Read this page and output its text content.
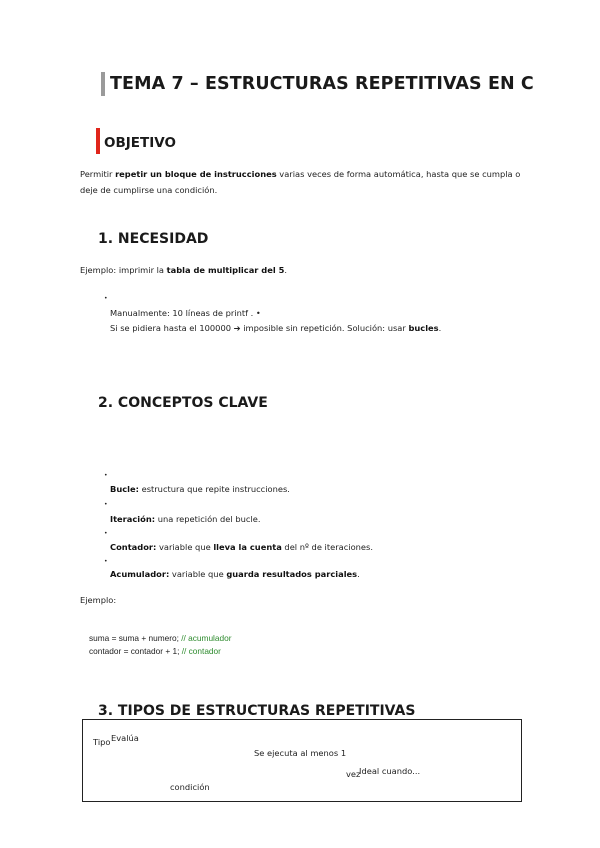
TEMA 7 – ESTRUCTURAS REPETITIVAS EN C
OBJETIVO
Permitir repetir un bloque de instrucciones varias veces de forma automática, hasta que se cumpla o
deje de cumplirse una condición.
1. NECESIDAD
Ejemplo: imprimir la tabla de multiplicar del 5.
•
Manualmente: 10 líneas de printf . •
Si se pidiera hasta el 100000 ➔ imposible sin repetición. Solución: usar bucles.
2. CONCEPTOS CLAVE
•
Bucle: estructura que repite instrucciones.
•
Iteración: una repetición del bucle.
•
Contador: variable que lleva la cuenta del nº de iteraciones.
•
Acumulador: variable que guarda resultados parciales.
Ejemplo:
suma = suma + numero; // acumulador
contador = contador + 1; // contador
3. TIPOS DE ESTRUCTURAS REPETITIVAS
Tipo Evalúa
Se ejecuta al menos 1
vez
Ideal cuando...
condición
